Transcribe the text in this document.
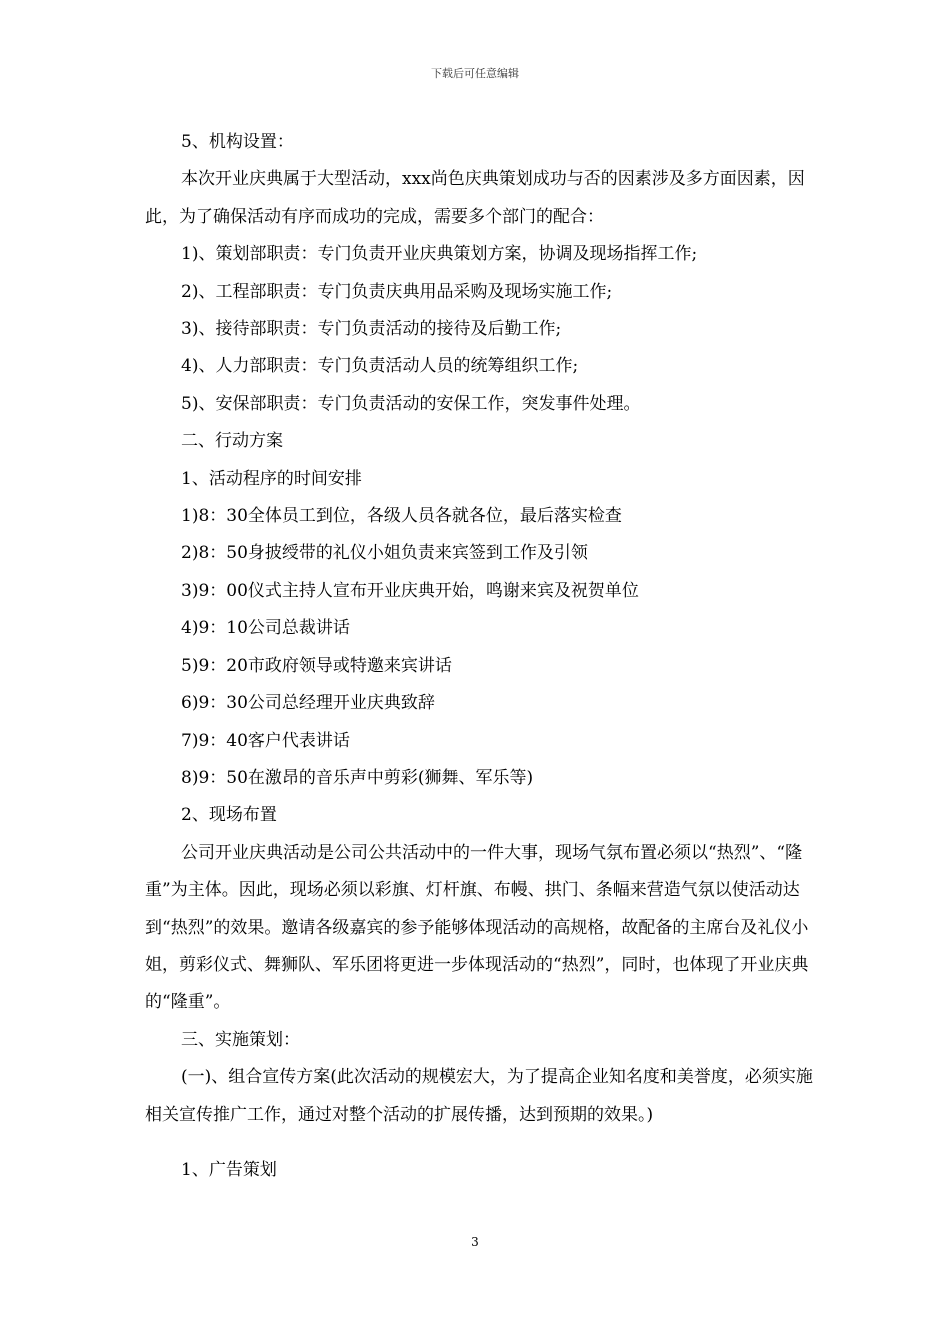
下载后可任意编辑

5、机构设置：

本次开业庆典属于大型活动，xxx尚色庆典策划成功与否的因素涉及多方面因素，因此，为了确保活动有序而成功的完成，需要多个部门的配合：

1)、策划部职责：专门负责开业庆典策划方案，协调及现场指挥工作;

2)、工程部职责：专门负责庆典用品采购及现场实施工作;

3)、接待部职责：专门负责活动的接待及后勤工作;

4)、人力部职责：专门负责活动人员的统筹组织工作;

5)、安保部职责：专门负责活动的安保工作，突发事件处理。

二、行动方案

1、活动程序的时间安排

1)8：30全体员工到位，各级人员各就各位，最后落实检查

2)8：50身披绶带的礼仪小姐负责来宾签到工作及引领

3)9：00仪式主持人宣布开业庆典开始，鸣谢来宾及祝贺单位

4)9：10公司总裁讲话

5)9：20市政府领导或特邀来宾讲话

6)9：30公司总经理开业庆典致辞

7)9：40客户代表讲话

8)9：50在激昂的音乐声中剪彩(狮舞、军乐等)

2、现场布置

公司开业庆典活动是公司公共活动中的一件大事，现场气氛布置必须以“热烈”、“隆重”为主体。因此，现场必须以彩旗、灯杆旗、布幔、拱门、条幅来营造气氛以使活动达到“热烈”的效果。邀请各级嘉宾的参予能够体现活动的高规格，故配备的主席台及礼仪小姐，剪彩仪式、舞狮队、军乐团将更进一步体现活动的“热烈”，同时，也体现了开业庆典的“隆重”。

三、实施策划：

(一)、组合宣传方案(此次活动的规模宏大，为了提高企业知名度和美誉度，必须实施相关宣传推广工作，通过对整个活动的扩展传播，达到预期的效果。)

1、广告策划

3
